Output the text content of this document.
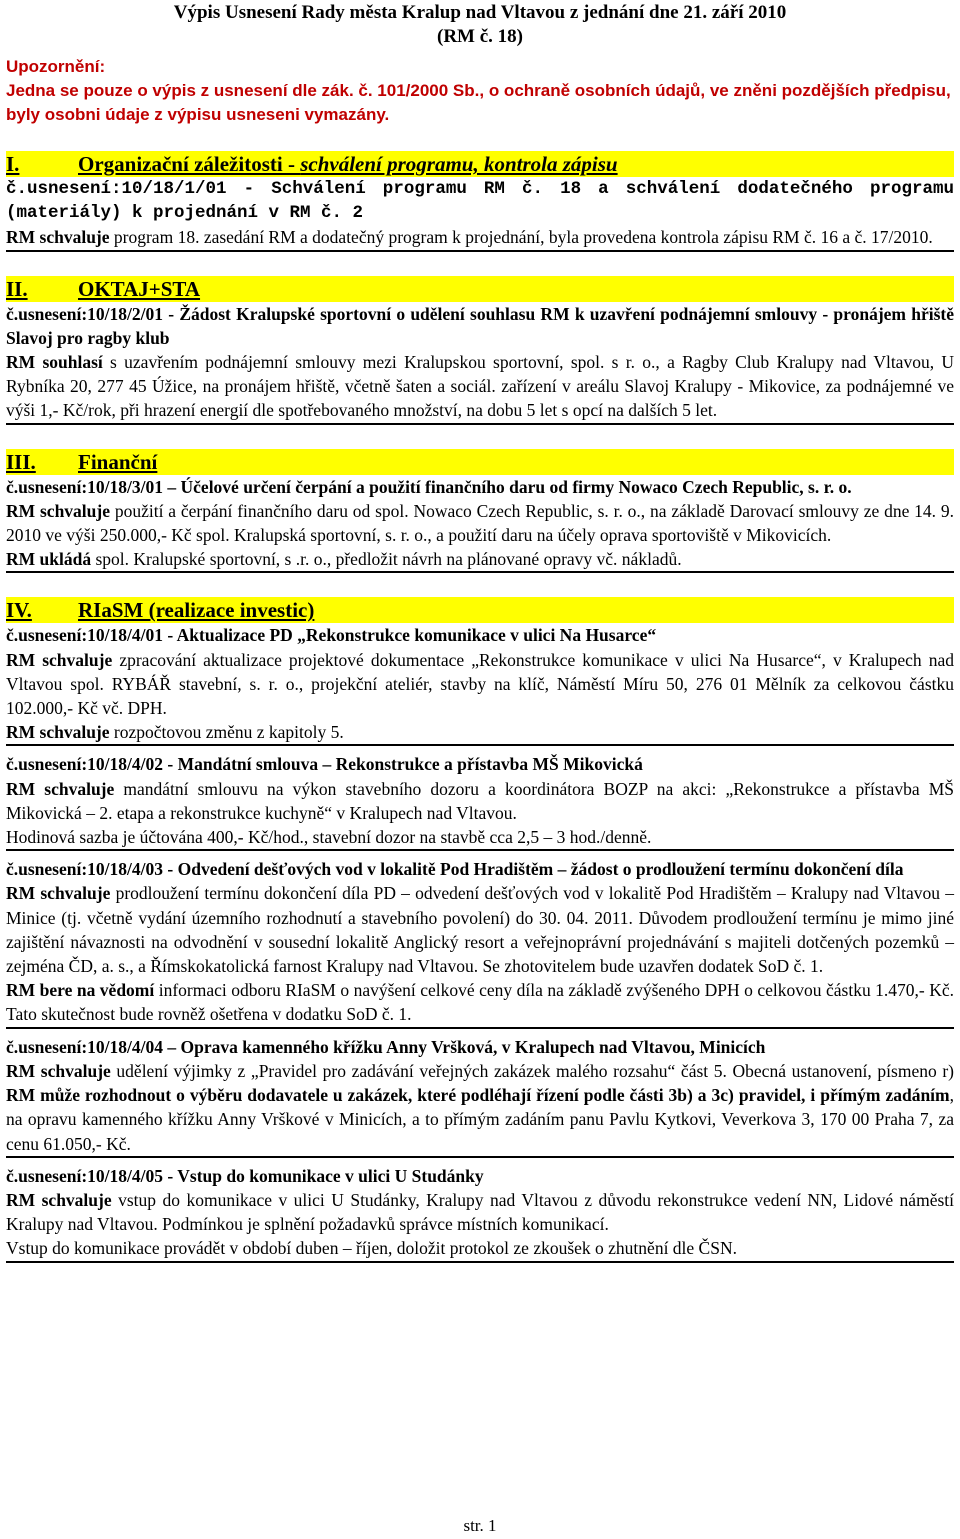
Výpis Usnesení Rady města Kralup nad Vltavou z jednání dne 21. září 2010
(RM č. 18)
Upozornění:
Jedna se pouze o výpis z usnesení dle zák. č. 101/2000 Sb., o ochraně osobních údajů, ve zněni pozdějších předpisu, byly osobni údaje z výpisu usneseni vymazány.
I.	Organizační záležitosti - schválení programu, kontrola zápisu
č.usnesení:10/18/1/01 - Schválení programu RM č. 18 a schválení dodatečného programu (materiály) k projednání v RM č. 2
RM schvaluje program 18. zasedání RM a dodatečný program k projednání, byla provedena kontrola zápisu RM č. 16 a č. 17/2010.
II. OKTAJ+STA
č.usnesení:10/18/2/01 - Žádost Kralupské sportovní o udělení souhlasu RM k uzavření podnájemní smlouvy - pronájem hřiště Slavoj pro ragby klub
RM souhlasí s uzavřením podnájemní smlouvy mezi Kralupskou sportovní, spol. s r. o., a Ragby Club Kralupy nad Vltavou, U Rybníka 20, 277 45 Úžice, na pronájem hřiště, včetně šaten a sociál. zařízení v areálu Slavoj Kralupy - Mikovice, za podnájemné ve výši 1,- Kč/rok, při hrazení energií dle spotřebovaného množství, na dobu 5 let s opcí na dalších 5 let.
III. Finanční
č.usnesení:10/18/3/01 – Účelové určení čerpání a použití finančního daru od firmy Nowaco Czech Republic, s. r. o.
RM schvaluje použití a čerpání finančního daru od spol. Nowaco Czech Republic, s. r. o., na základě Darovací smlouvy ze dne 14. 9. 2010 ve výši 250.000,- Kč spol. Kralupská sportovní, s. r. o., a použití daru na účely oprava sportoviště v Mikovicích.
RM ukládá spol. Kralupské sportovní, s .r. o., předložit návrh na plánované opravy vč. nákladů.
IV. RIaSM (realizace investic)
č.usnesení:10/18/4/01 - Aktualizace PD „Rekonstrukce komunikace v ulici Na Husarce“
RM schvaluje zpracování aktualizace projektové dokumentace „Rekonstrukce komunikace v ulici Na Husarce“, v Kralupech nad Vltavou spol. RYBÁŘ stavební, s. r. o., projekční ateliér, stavby na klíč, Náměstí Míru 50, 276 01 Mělník za celkovou částku 102.000,- Kč vč. DPH.
RM schvaluje rozpočtovou změnu z kapitoly 5.
č.usnesení:10/18/4/02 - Mandátní smlouva – Rekonstrukce a přístavba MŠ Mikovická
RM schvaluje mandátní smlouvu na výkon stavebního dozoru a koordinátora BOZP na akci: „Rekonstrukce a přístavba MŠ Mikovická – 2. etapa a rekonstrukce kuchyně“ v Kralupech nad Vltavou.
Hodinová sazba je účtována 400,- Kč/hod., stavební dozor na stavbě cca 2,5 – 3 hod./denně.
č.usnesení:10/18/4/03 - Odvedení dešťových vod v lokalitě Pod Hradištěm – žádost o prodloužení termínu dokončení díla
RM schvaluje prodloužení termínu dokončení díla PD – odvedení dešťových vod v lokalitě Pod Hradištěm – Kralupy nad Vltavou – Minice (tj. včetně vydání územního rozhodnutí a stavebního povolení) do 30. 04. 2011. Důvodem prodloužení termínu je mimo jiné zajištění návaznosti na odvodnění v sousední lokalitě Anglický resort a veřejnoprávní projednávání s majiteli dotčených pozemků – zejména ČD, a. s., a Římskokatolická farnost Kralupy nad Vltavou. Se zhotovitelem bude uzavřen dodatek SoD č. 1.
RM bere na vědomí informaci odboru RIaSM o navýšení celkové ceny díla na základě zvýšeného DPH o celkovou částku 1.470,- Kč. Tato skutečnost bude rovněž ošetřena v dodatku SoD č. 1.
č.usnesení:10/18/4/04 – Oprava kamenného křížku Anny Vršková, v Kralupech nad Vltavou, Minicích
RM schvaluje udělení výjimky z „Pravidel pro zadávání veřejných zakázek malého rozsahu“ část 5. Obecná ustanovení, písmeno r) RM může rozhodnout o výběru dodavatele u zakázek, které podléhají řízení podle části 3b) a 3c) pravidel, i přímým zadáním, na opravu kamenného křížku Anny Vrškové v Minicích, a to přímým zadáním panu Pavlu Kytkovi, Veverkova 3, 170 00 Praha 7, za cenu 61.050,- Kč.
č.usnesení:10/18/4/05 - Vstup do komunikace v ulici U Studánky
RM schvaluje vstup do komunikace v ulici U Studánky, Kralupy nad Vltavou z důvodu rekonstrukce vedení NN, Lidové náměstí Kralupy nad Vltavou. Podmínkou je splnění požadavků správce místních komunikací.
Vstup do komunikace provádět v období duben – říjen, doložit protokol ze zkoušek o zhutnění dle ČSN.
str. 1
